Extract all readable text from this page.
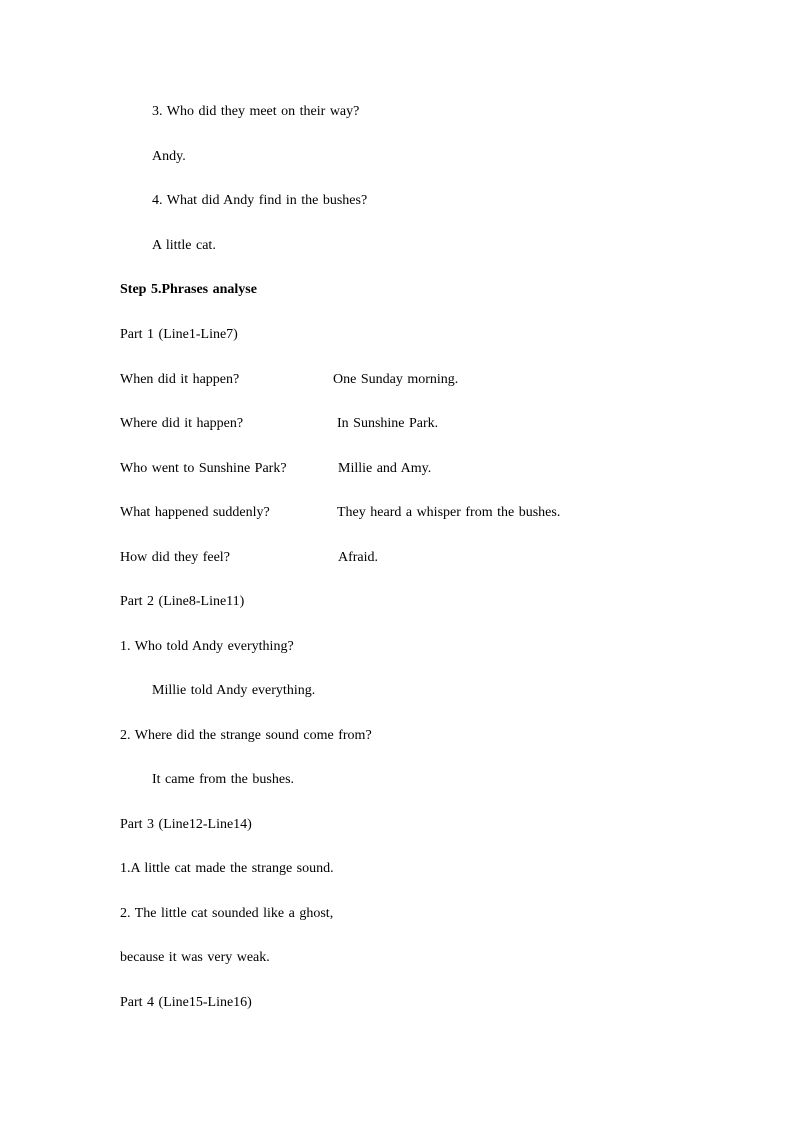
3. Who did they meet on their way?
Andy.
4. What did Andy find in the bushes?
A little cat.
Step 5.Phrases analyse
Part 1 (Line1-Line7)
When did it happen?	One Sunday morning.
Where did it happen?	In Sunshine Park.
Who went to Sunshine Park?	Millie and Amy.
What happened suddenly?	They heard a whisper from the bushes.
How did they feel?	Afraid.
Part 2 (Line8-Line11)
1. Who told Andy everything?
Millie told Andy everything.
2. Where did the strange sound come from?
It came from the bushes.
Part 3 (Line12-Line14)
1.A little cat made the strange sound.
2. The little cat sounded like a ghost,
because it was very weak.
Part 4 (Line15-Line16)
